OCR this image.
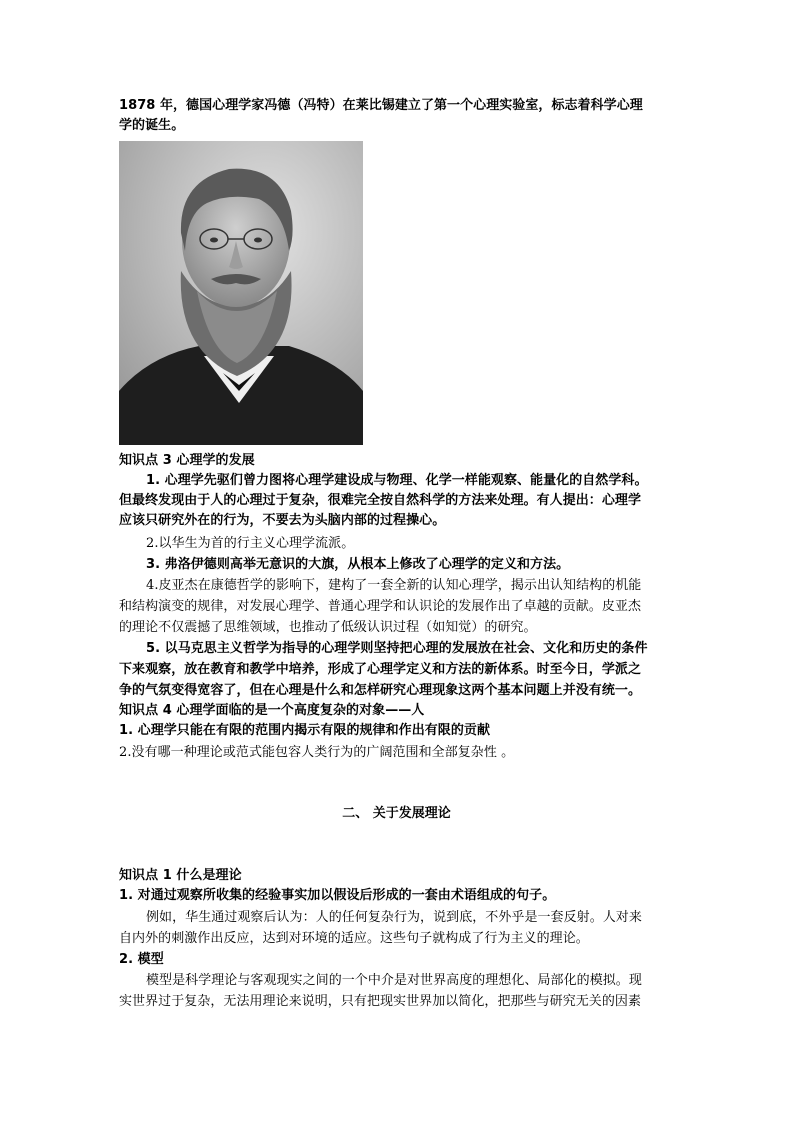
1878 年，德国心理学家冯德（冯特）在莱比锡建立了第一个心理实验室，标志着科学心理
学的诞生。
知识点 3 心理学的发展
1. 心理学先驱们曾力图将心理学建设成与物理、化学一样能观察、能量化的自然学科。
但最终发现由于人的心理过于复杂，很难完全按自然科学的方法来处理。有人提出：心理学
应该只研究外在的行为，不要去为头脑内部的过程操心。
2.以华生为首的行主义心理学流派。
3. 弗洛伊德则高举无意识的大旗，从根本上修改了心理学的定义和方法。
4.皮亚杰在康德哲学的影响下，建构了一套全新的认知心理学，揭示出认知结构的机能
和结构演变的规律，对发展心理学、普通心理学和认识论的发展作出了卓越的贡献。皮亚杰
的理论不仅震撼了思维领域，也推动了低级认识过程（如知觉）的研究。
5. 以马克思主义哲学为指导的心理学则坚持把心理的发展放在社会、文化和历史的条件
下来观察，放在教育和教学中培养，形成了心理学定义和方法的新体系。时至今日，学派之
争的气氛变得宽容了，但在心理是什么和怎样研究心理现象这两个基本问题上并没有统一。
知识点 4 心理学面临的是一个高度复杂的对象——人
1. 心理学只能在有限的范围内揭示有限的规律和作出有限的贡献
2.没有哪一种理论或范式能包容人类行为的广阔范围和全部复杂性 。
二、 关于发展理论
知识点 1 什么是理论
1. 对通过观察所收集的经验事实加以假设后形成的一套由术语组成的句子。
例如，华生通过观察后认为：人的任何复杂行为，说到底，不外乎是一套反射。人对来
自内外的刺激作出反应，达到对环境的适应。这些句子就构成了行为主义的理论。
2. 模型
模型是科学理论与客观现实之间的一个中介是对世界高度的理想化、局部化的模拟。现
实世界过于复杂，无法用理论来说明，只有把现实世界加以简化，把那些与研究无关的因素
